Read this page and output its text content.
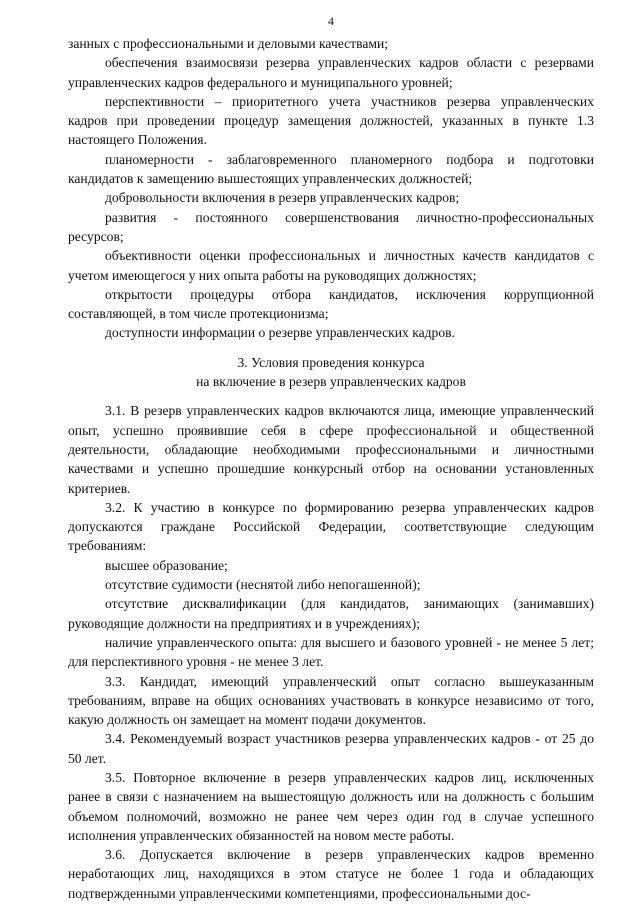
4

занных с профессиональными и деловыми качествами;

обеспечения взаимосвязи резерва управленческих кадров области с резервами управленческих кадров федерального и муниципального уровней;

перспективности – приоритетного учета участников резерва управленческих кадров при проведении процедур замещения должностей, указанных в пункте 1.3 настоящего Положения.

планомерности - заблаговременного планомерного подбора и подготовки кандидатов к замещению вышестоящих управленческих должностей;

добровольности включения в резерв управленческих кадров;

развития - постоянного совершенствования личностно-профессиональных ресурсов;

объективности оценки профессиональных и личностных качеств кандидатов с учетом имеющегося у них опыта работы на руководящих должностях;

открытости процедуры отбора кандидатов, исключения коррупционной составляющей, в том числе протекционизма;

доступности информации о резерве управленческих кадров.

3. Условия проведения конкурса

на включение в резерв управленческих кадров

3.1. В резерв управленческих кадров включаются лица, имеющие управленческий опыт, успешно проявившие себя в сфере профессиональной и общественной деятельности, обладающие необходимыми профессиональными и личностными качествами и успешно прошедшие конкурсный отбор на основании установленных критериев.

3.2. К участию в конкурсе по формированию резерва управленческих кадров допускаются граждане Российской Федерации, соответствующие следующим требованиям:

высшее образование;

отсутствие судимости (неснятой либо непогашенной);

отсутствие дисквалификации (для кандидатов, занимающих (занимавших) руководящие должности на предприятиях и в учреждениях);

наличие управленческого опыта: для высшего и базового уровней - не менее 5 лет; для перспективного уровня - не менее 3 лет.

3.3. Кандидат, имеющий управленческий опыт согласно вышеуказанным требованиям, вправе на общих основаниях участвовать в конкурсе независимо от того, какую должность он замещает на момент подачи документов.

3.4. Рекомендуемый возраст участников резерва управленческих кадров - от 25 до 50 лет.

3.5. Повторное включение в резерв управленческих кадров лиц, исключенных ранее в связи с назначением на вышестоящую должность или на должность с большим объемом полномочий, возможно не ранее чем через один год в случае успешного исполнения управленческих обязанностей на новом месте работы.

3.6. Допускается включение в резерв управленческих кадров временно неработающих лиц, находящихся в этом статусе не более 1 года и обладающих подтвержденными управленческими компетенциями, профессиональными дос-
